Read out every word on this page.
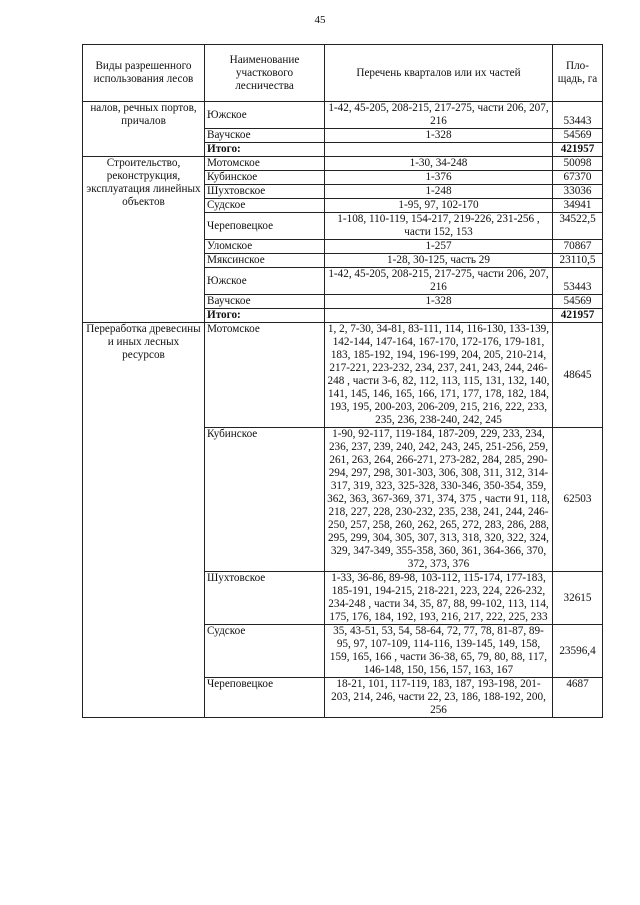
45
Виды разрешенного использования лесов	Наименование участкового лесничества	Перечень кварталов или их частей	Пло-щадь, га
налов, речных портов, причалов	Южское	1-42, 45-205, 208-215, 217-275, части 206, 207, 216	53443
	Ваучское	1-328	54569
	Итого:		421957
Строительство, реконструкция, эксплуатация линейных объектов	Мотомское	1-30, 34-248	50098
	Кубинское	1-376	67370
	Шухтовское	1-248	33036
	Судское	1-95, 97, 102-170	34941
	Череповецкое	1-108, 110-119, 154-217, 219-226, 231-256 , части 152, 153	34522,5
	Уломское	1-257	70867
	Мяксинское	1-28, 30-125, часть 29	23110,5
	Южское	1-42, 45-205, 208-215, 217-275, части 206, 207, 216	53443
	Ваучское	1-328	54569
	Итого:		421957
Переработка древесины и иных лесных ресурсов	Мотомское	1, 2, 7-30, 34-81, 83-111, 114, 116-130, 133-139, 142-144, 147-164, 167-170, 172-176, 179-181, 183, 185-192, 194, 196-199, 204, 205, 210-214, 217-221, 223-232, 234, 237, 241, 243, 244, 246-248 , части 3-6, 82, 112, 113, 115, 131, 132, 140, 141, 145, 146, 165, 166, 171, 177, 178, 182, 184, 193, 195, 200-203, 206-209, 215, 216, 222, 233, 235, 236, 238-240, 242, 245	48645
	Кубинское	1-90, 92-117, 119-184, 187-209, 229, 233, 234, 236, 237, 239, 240, 242, 243, 245, 251-256, 259, 261, 263, 264, 266-271, 273-282, 284, 285, 290-294, 297, 298, 301-303, 306, 308, 311, 312, 314-317, 319, 323, 325-328, 330-346, 350-354, 359, 362, 363, 367-369, 371, 374, 375 , части 91, 118, 218, 227, 228, 230-232, 235, 238, 241, 244, 246-250, 257, 258, 260, 262, 265, 272, 283, 286, 288, 295, 299, 304, 305, 307, 313, 318, 320, 322, 324, 329, 347-349, 355-358, 360, 361, 364-366, 370, 372, 373, 376	62503
	Шухтовское	1-33, 36-86, 89-98, 103-112, 115-174, 177-183, 185-191, 194-215, 218-221, 223, 224, 226-232, 234-248 , части 34, 35, 87, 88, 99-102, 113, 114, 175, 176, 184, 192, 193, 216, 217, 222, 225, 233	32615
	Судское	35, 43-51, 53, 54, 58-64, 72, 77, 78, 81-87, 89-95, 97, 107-109, 114-116, 139-145, 149, 158, 159, 165, 166 , части 36-38, 65, 79, 80, 88, 117, 146-148, 150, 156, 157, 163, 167	23596,4
	Череповецкое	18-21, 101, 117-119, 183, 187, 193-198, 201-203, 214, 246, части 22, 23, 186, 188-192, 200, 256	4687
